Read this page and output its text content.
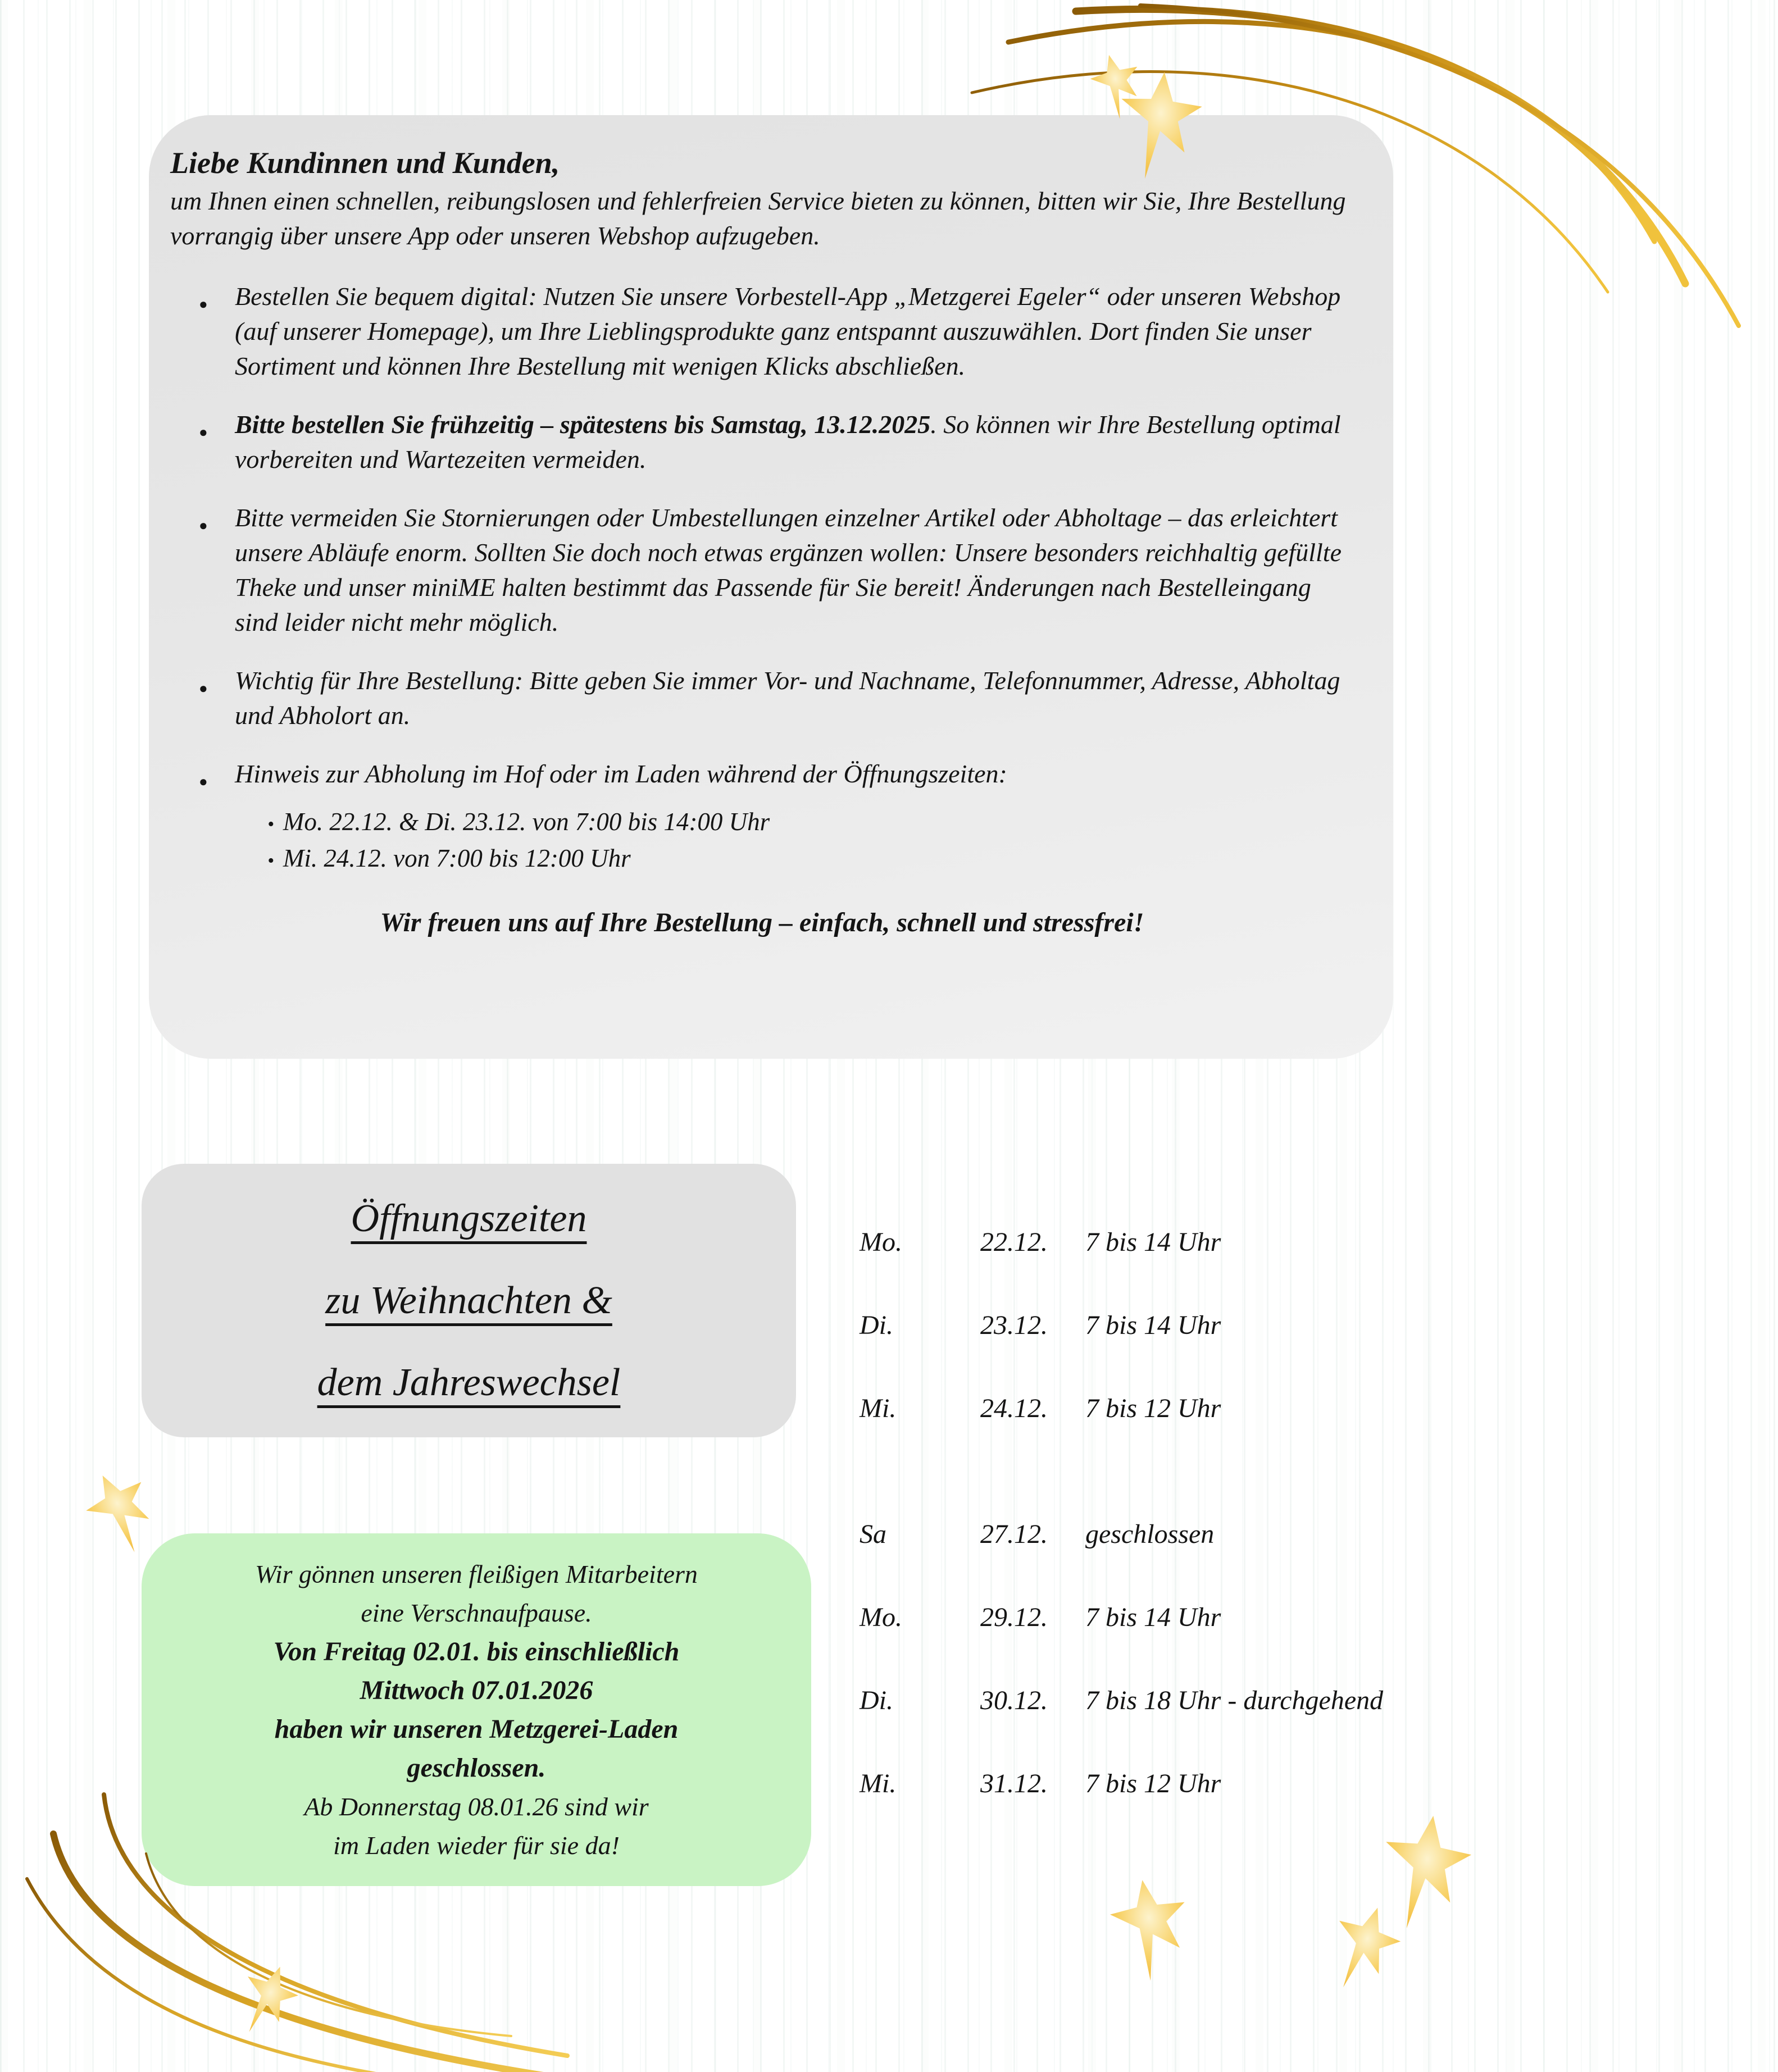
Liebe Kundinnen und Kunden,

um Ihnen einen schnellen, reibungslosen und fehlerfreien Service bieten zu können, bitten wir Sie, Ihre Bestellung vorrangig über unsere App oder unseren Webshop aufzugeben.

● Bestellen Sie bequem digital: Nutzen Sie unsere Vorbestell-App „Metzgerei Egeler“ oder unseren Webshop (auf unserer Homepage), um Ihre Lieblingsprodukte ganz entspannt auszuwählen. Dort finden Sie unser Sortiment und können Ihre Bestellung mit wenigen Klicks abschließen.
● Bitte bestellen Sie frühzeitig – spätestens bis Samstag, 13.12.2025. So können wir Ihre Bestellung optimal vorbereiten und Wartezeiten vermeiden.
● Bitte vermeiden Sie Stornierungen oder Umbestellungen einzelner Artikel oder Abholtage – das erleichtert unsere Abläufe enorm. Sollten Sie doch noch etwas ergänzen wollen: Unsere besonders reichhaltig gefüllte Theke und unser miniME halten bestimmt das Passende für Sie bereit! Änderungen nach Bestelleingang sind leider nicht mehr möglich.
● Wichtig für Ihre Bestellung: Bitte geben Sie immer Vor- und Nachname, Telefonnummer, Adresse, Abholtag und Abholort an.
● Hinweis zur Abholung im Hof oder im Laden während der Öffnungszeiten:
• Mo. 22.12. & Di. 23.12. von 7:00 bis 14:00 Uhr
• Mi. 24.12. von 7:00 bis 12:00 Uhr
Wir freuen uns auf Ihre Bestellung – einfach, schnell und stressfrei!
Öffnungszeiten
zu Weihnachten &
dem Jahreswechsel
Mo.	22.12.	7 bis 14 Uhr
Di.	23.12.	7 bis 14 Uhr
Mi.	24.12.	7 bis 12 Uhr
Sa	27.12.	geschlossen
Mo.	29.12.	7 bis 14 Uhr
Di.	30.12.	7 bis 18 Uhr - durchgehend
Mi.	31.12.	7 bis 12 Uhr
Wir gönnen unseren fleißigen Mitarbeitern
eine Verschnaufpause.
Von Freitag 02.01. bis einschließlich
Mittwoch 07.01.2026
haben wir unseren Metzgerei-Laden
geschlossen.
Ab Donnerstag 08.01.26 sind wir
im Laden wieder für sie da!
